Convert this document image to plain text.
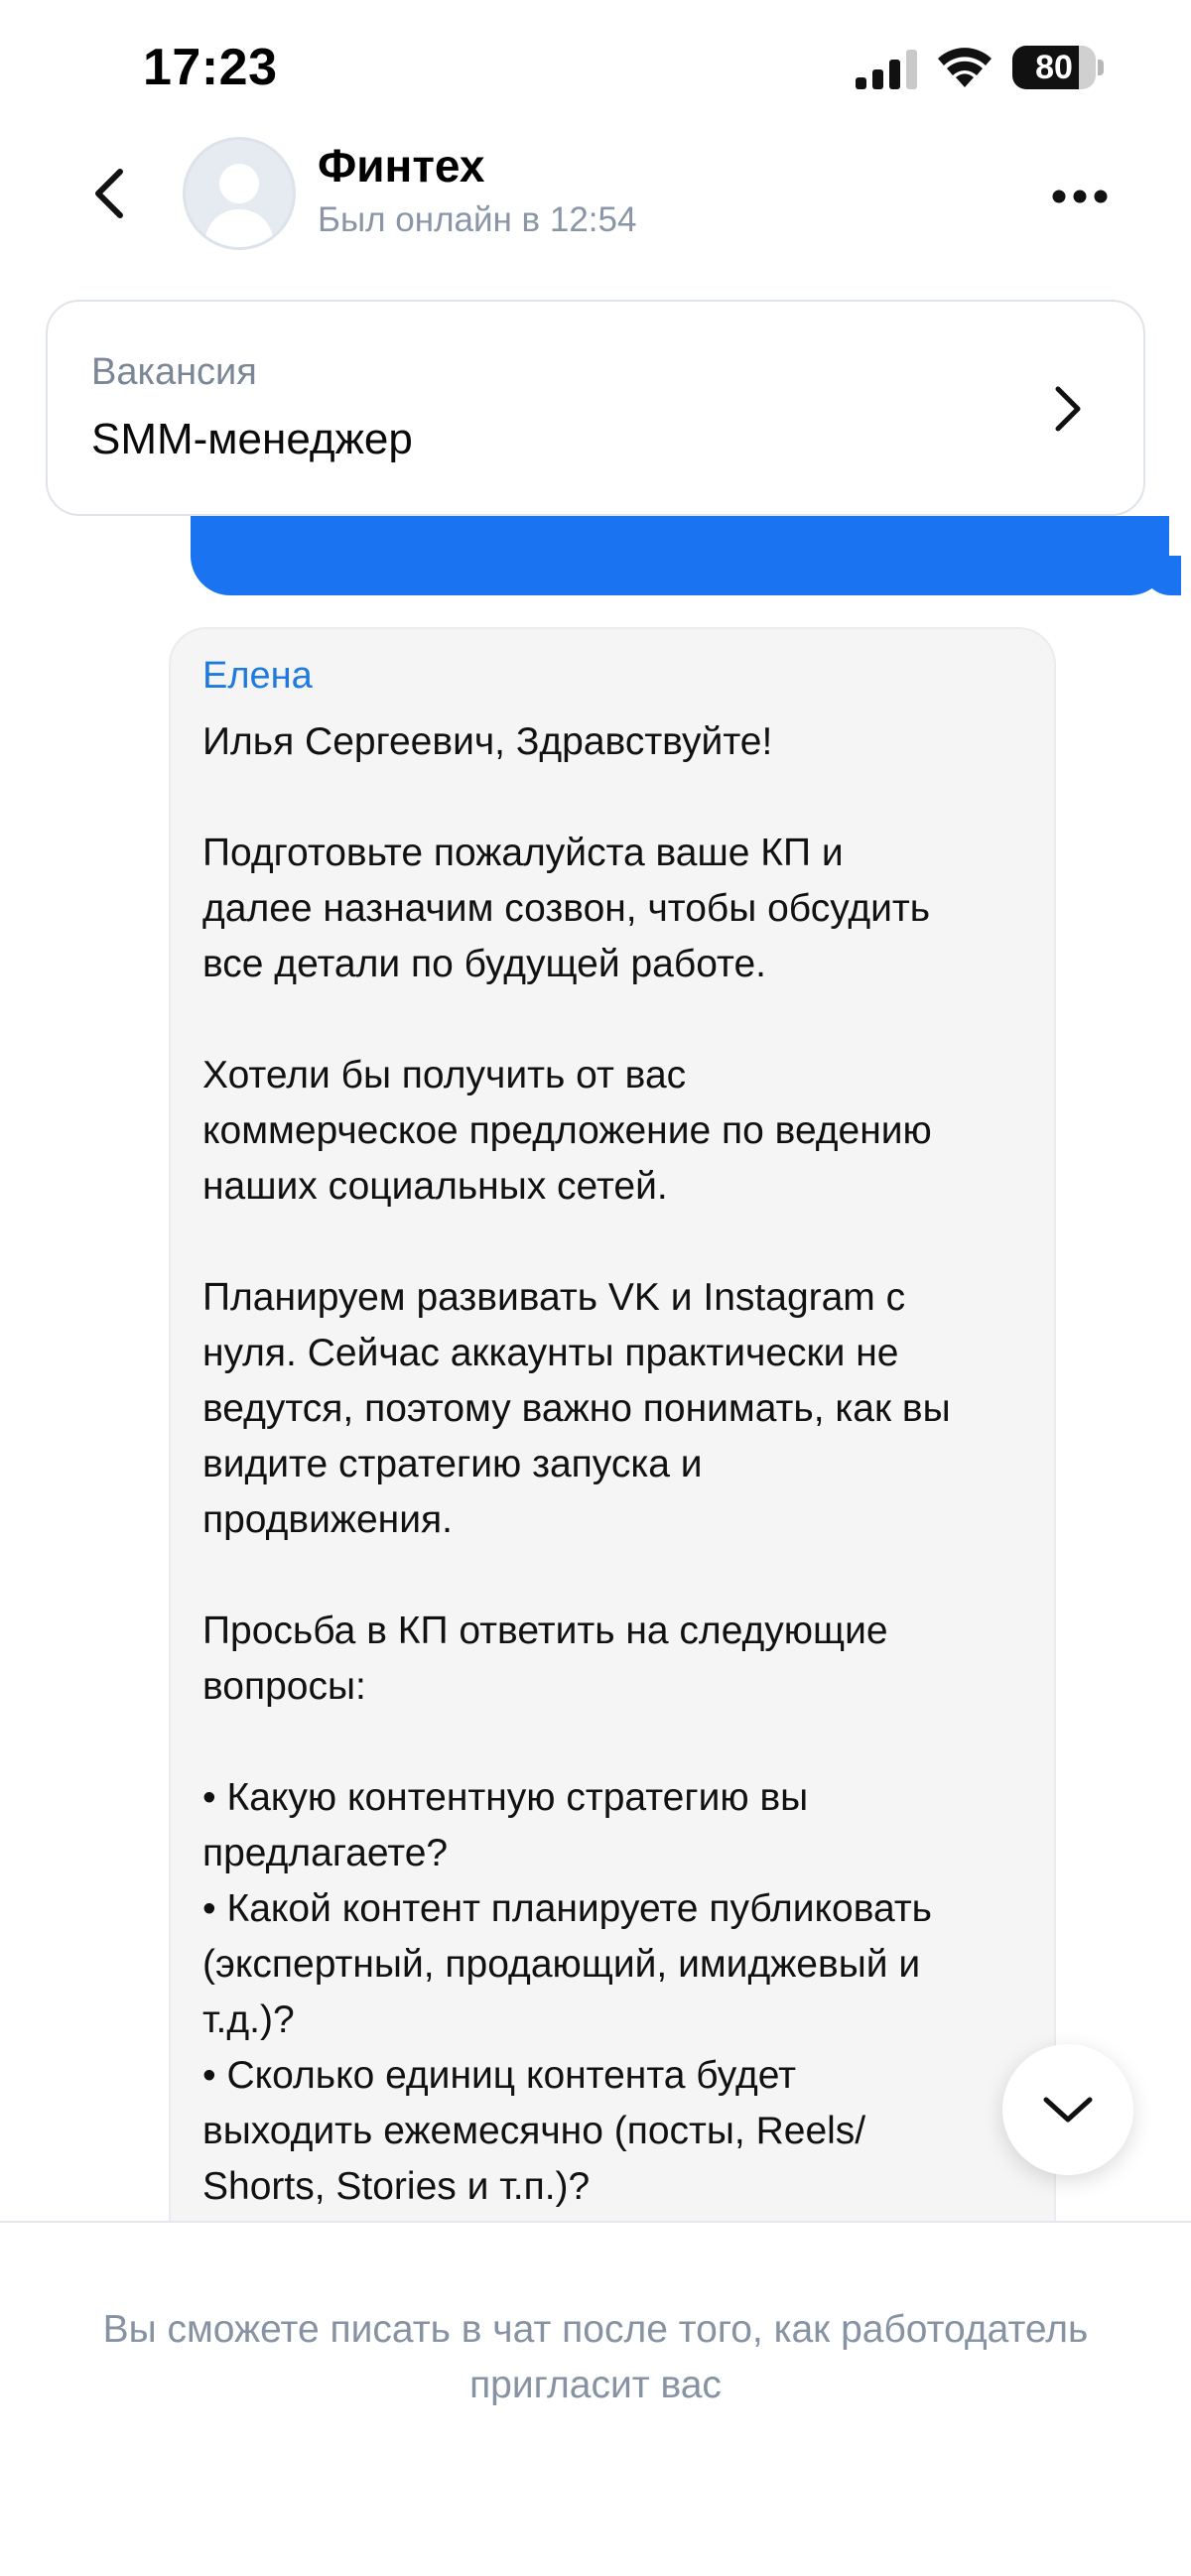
17:23	80
Финтех
Был онлайн в 12:54
Вакансия
SMM-менеджер
Елена
Илья Сергеевич, Здравствуйте!

Подготовьте пожалуйста ваше КП и
далее назначим созвон, чтобы обсудить
все детали по будущей работе.

Хотели бы получить от вас
коммерческое предложение по ведению
наших социальных сетей.

Планируем развивать VK и Instagram с
нуля. Сейчас аккаунты практически не
ведутся, поэтому важно понимать, как вы
видите стратегию запуска и
продвижения.

Просьба в КП ответить на следующие
вопросы:

• Какую контентную стратегию вы
предлагаете?
• Какой контент планируете публиковать
(экспертный, продающий, имиджевый и
т.д.)?
• Сколько единиц контента будет
выходить ежемесячно (посты, Reels/
Shorts, Stories и т.п.)?
Вы сможете писать в чат после того, как работодатель пригласит вас
